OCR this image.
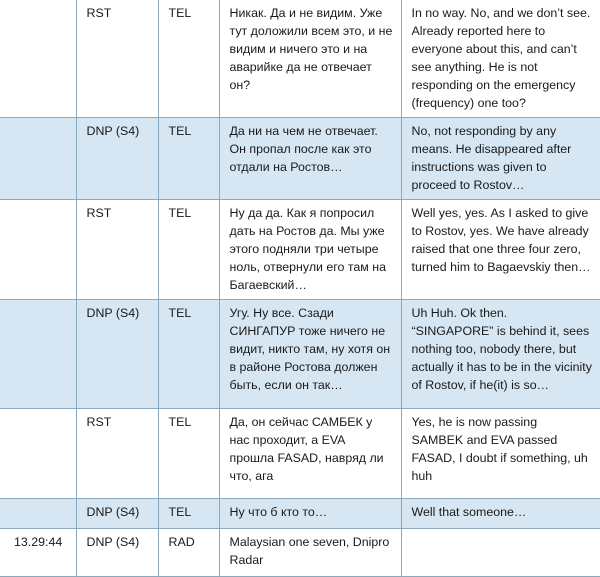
	RST	TEL	Никак. Да и не видим. Уже тут доложили всем это, и не видим и ничего это и на аварийке да не отвечает он?	In no way. No, and we don’t see. Already reported here to everyone about this, and can’t see anything. He is not responding on the emergency (frequency) one too?
	DNP (S4)	TEL	Да ни на чем не отвечает. Он пропал после как это отдали на Ростов…	No, not responding by any means. He disappeared after instructions was given to proceed to Rostov…
	RST	TEL	Ну да да. Как я попросил дать на Ростов да. Мы уже этого подняли три четыре ноль, отвернули его там на Багаевский…	Well yes, yes. As I asked to give to Rostov, yes. We have already raised that one three four zero, turned him to Bagaevskiy then…
	DNP (S4)	TEL	Угу. Ну все. Сзади СИНГАПУР тоже ничего не видит, никто там, ну хотя он в районе Ростова должен быть, если он так…	Uh Huh. Ok then. “SINGAPORE” is behind it, sees nothing too, nobody there, but actually it has to be in the vicinity of Rostov, if he(it) is so…
	RST	TEL	Да, он сейчас САМБЕК у нас проходит, а EVA прошла FASAD, навряд ли что, ага	Yes, he is now passing SAMBEK and EVA passed FASAD, I doubt if something, uh huh
	DNP (S4)	TEL	Ну что б кто то…	Well that someone…
13.29:44	DNP (S4)	RAD	Malaysian one seven, Dnipro Radar	
